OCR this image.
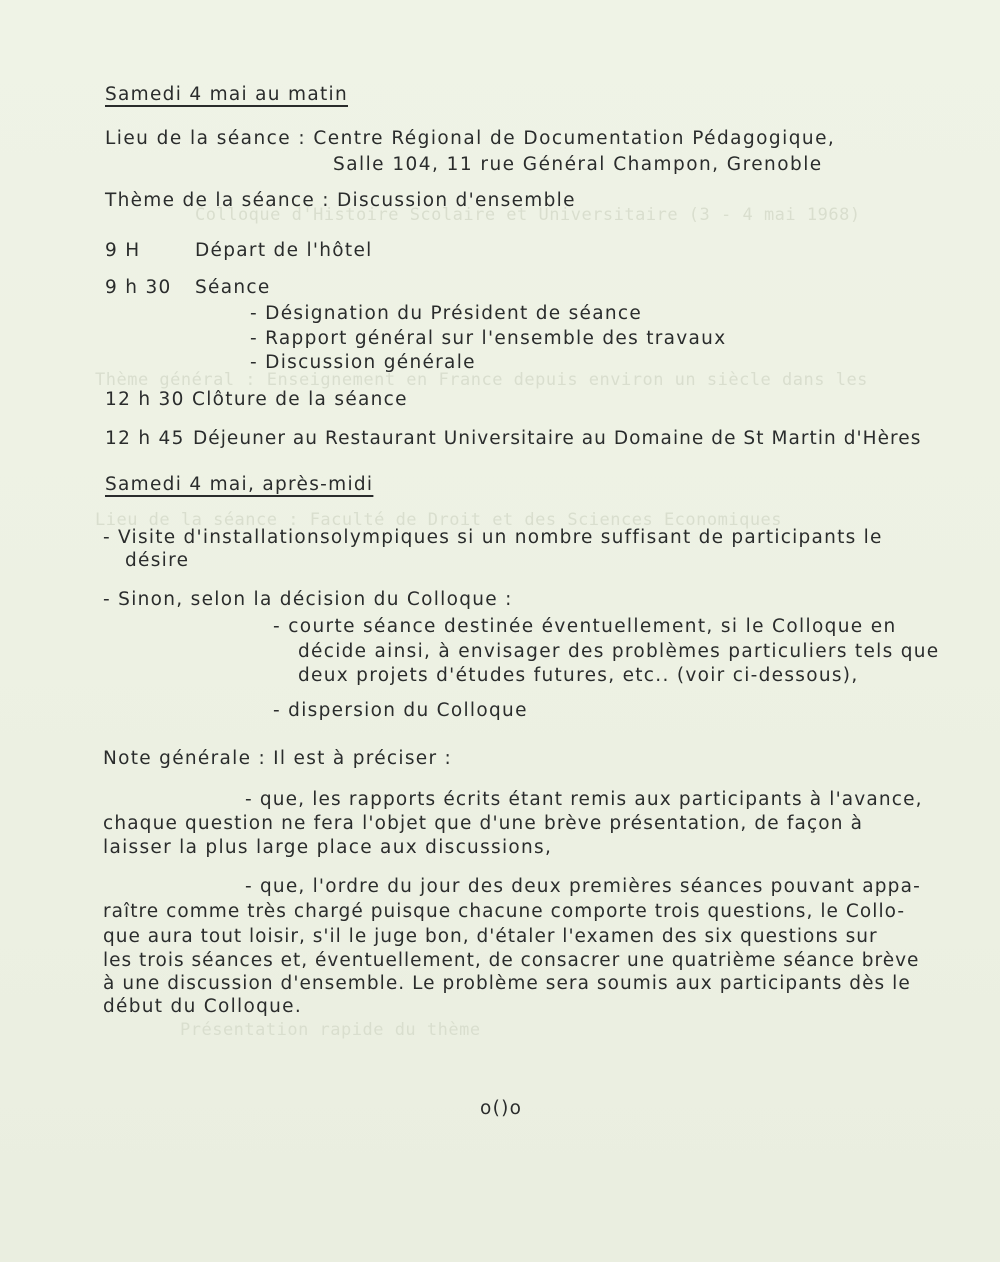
Colloque d'Histoire Scolaire et Universitaire (3 - 4 mai 1968)
Thème général : Enseignement en France depuis environ un siècle dans les
Lieu de la séance : Faculté de Droit et des Sciences Economiques
Présentation rapide du thème
Samedi 4 mai au matin
Lieu de la séance : Centre Régional de Documentation Pédagogique,
Salle 104, 11 rue Général Champon, Grenoble
Thème de la séance : Discussion d'ensemble
9 H	Départ de l'hôtel
9 h 30 Séance
- Désignation du Président de séance
- Rapport général sur l'ensemble des travaux
- Discussion générale
12 h 30 Clôture de la séance
12 h 45 Déjeuner au Restaurant Universitaire au Domaine de St Martin d'Hères
Samedi 4 mai, après-midi
- Visite d'installationsolympiques si un nombre suffisant de participants le
désire
- Sinon, selon la décision du Colloque :
- courte séance destinée éventuellement, si le Colloque en
décide ainsi, à envisager des problèmes particuliers tels que
deux projets d'études futures, etc.. (voir ci-dessous),
- dispersion du Colloque
Note générale : Il est à préciser :
- que, les rapports écrits étant remis aux participants à l'avance,
chaque question ne fera l'objet que d'une brève présentation, de façon à
laisser la plus large place aux discussions,
- que, l'ordre du jour des deux premières séances pouvant appa-
raître comme très chargé puisque chacune comporte trois questions, le Collo-
que aura tout loisir, s'il le juge bon, d'étaler l'examen des six questions sur
les trois séances et, éventuellement, de consacrer une quatrième séance brève
à une discussion d'ensemble. Le problème sera soumis aux participants dès le
début du Colloque.
o()o
